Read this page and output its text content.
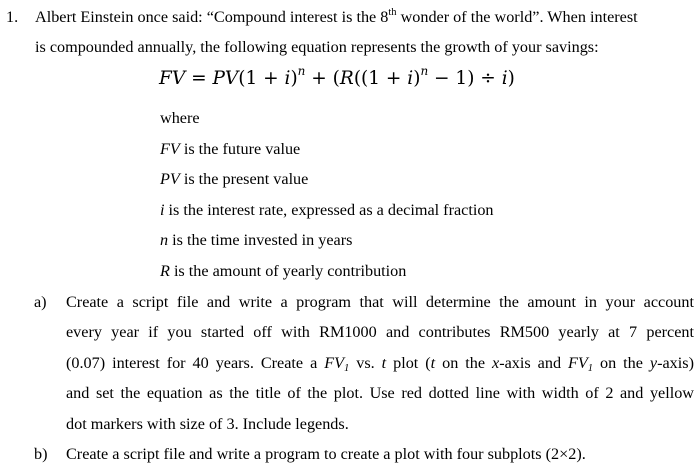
1. Albert Einstein once said: “Compound interest is the 8th wonder of the world”. When interest
is compounded annually, the following equation represents the growth of your savings:
FV = $PV(1 + i)^n + (R((1 + i)^n - 1) \div i)$
where
FV is the future value
PV is the present value
i is the interest rate, expressed as a decimal fraction
n is the time invested in years
R is the amount of yearly contribution
a) Create a script file and write a program that will determine the amount in your account
every year if you started off with RM1000 and contributes RM500 yearly at 7 percent
(0.07) interest for 40 years. Create a $FV_1$ vs. t plot (t on the x-axis and $FV_1$ on the y-axis)
and set the equation as the title of the plot. Use red dotted line with width of 2 and yellow
dot markers with size of 3. Include legends.
b) Create a script file and write a program to create a plot with four subplots (2×2).
